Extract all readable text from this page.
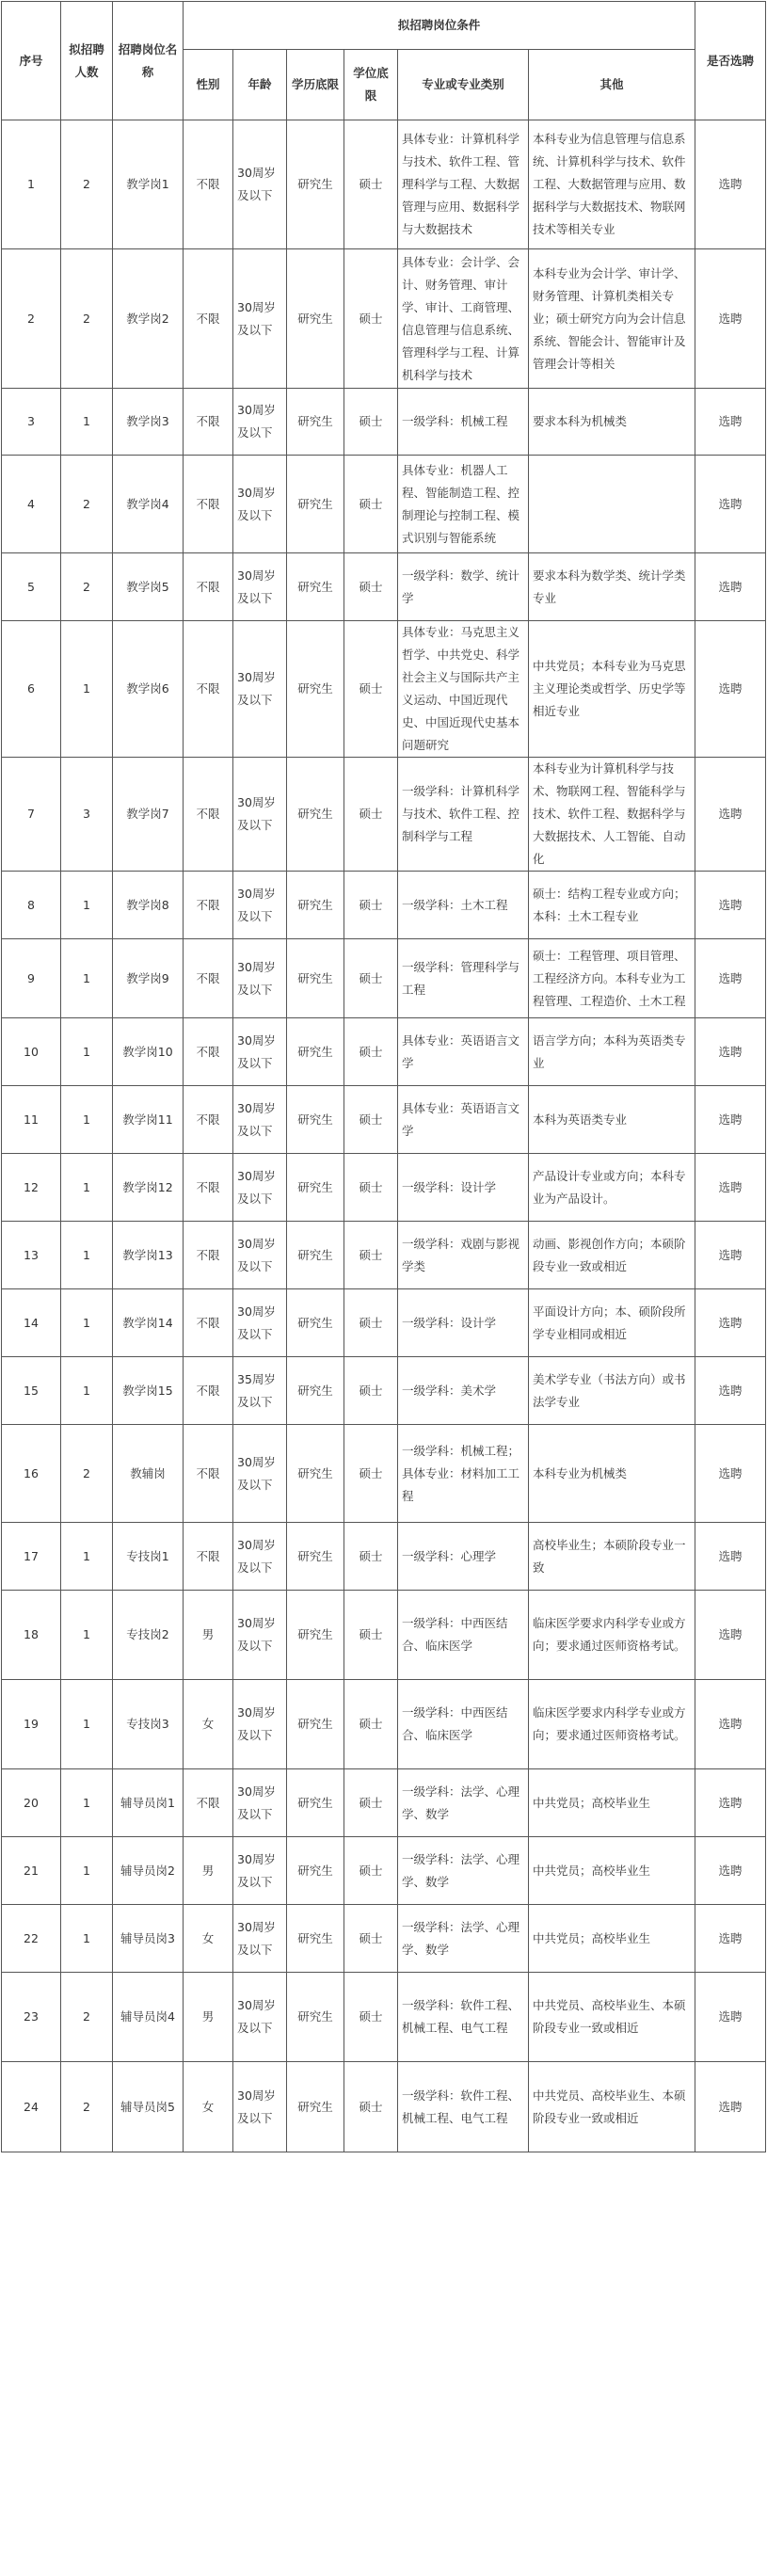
序号	拟招聘人数	招聘岗位名称	拟招聘岗位条件						是否选聘
			性别	年龄	学历底限	学位底限	专业或专业类别	其他	
1	2	教学岗1	不限	30周岁及以下	研究生	硕士	具体专业：计算机科学与技术、软件工程、管理科学与工程、大数据管理与应用、数据科学与大数据技术	本科专业为信息管理与信息系统、计算机科学与技术、软件工程、大数据管理与应用、数据科学与大数据技术、物联网技术等相关专业	选聘
2	2	教学岗2	不限	30周岁及以下	研究生	硕士	具体专业：会计学、会计、财务管理、审计学、审计、工商管理、信息管理与信息系统、管理科学与工程、计算机科学与技术	本科专业为会计学、审计学、财务管理、计算机类相关专业；硕士研究方向为会计信息系统、智能会计、智能审计及管理会计等相关	选聘
3	1	教学岗3	不限	30周岁及以下	研究生	硕士	一级学科：机械工程	要求本科为机械类	选聘
4	2	教学岗4	不限	30周岁及以下	研究生	硕士	具体专业：机器人工程、智能制造工程、控制理论与控制工程、模式识别与智能系统		选聘
5	2	教学岗5	不限	30周岁及以下	研究生	硕士	一级学科：数学、统计学	要求本科为数学类、统计学类专业	选聘
6	1	教学岗6	不限	30周岁及以下	研究生	硕士	具体专业：马克思主义哲学、中共党史、科学社会主义与国际共产主义运动、中国近现代史、中国近现代史基本问题研究	中共党员；本科专业为马克思主义理论类或哲学、历史学等相近专业	选聘
7	3	教学岗7	不限	30周岁及以下	研究生	硕士	一级学科：计算机科学与技术、软件工程、控制科学与工程	本科专业为计算机科学与技术、物联网工程、智能科学与技术、软件工程、数据科学与大数据技术、人工智能、自动化	选聘
8	1	教学岗8	不限	30周岁及以下	研究生	硕士	一级学科：土木工程	硕士：结构工程专业或方向；本科：土木工程专业	选聘
9	1	教学岗9	不限	30周岁及以下	研究生	硕士	一级学科：管理科学与工程	硕士：工程管理、项目管理、工程经济方向。本科专业为工程管理、工程造价、土木工程	选聘
10	1	教学岗10	不限	30周岁及以下	研究生	硕士	具体专业：英语语言文学	语言学方向；本科为英语类专业	选聘
11	1	教学岗11	不限	30周岁及以下	研究生	硕士	具体专业：英语语言文学	本科为英语类专业	选聘
12	1	教学岗12	不限	30周岁及以下	研究生	硕士	一级学科：设计学	产品设计专业或方向；本科专业为产品设计。	选聘
13	1	教学岗13	不限	30周岁及以下	研究生	硕士	一级学科：戏剧与影视学类	动画、影视创作方向；本硕阶段专业一致或相近	选聘
14	1	教学岗14	不限	30周岁及以下	研究生	硕士	一级学科：设计学	平面设计方向；本、硕阶段所学专业相同或相近	选聘
15	1	教学岗15	不限	35周岁及以下	研究生	硕士	一级学科：美术学	美术学专业（书法方向）或书法学专业	选聘
16	2	教辅岗	不限	30周岁及以下	研究生	硕士	一级学科：机械工程；具体专业：材料加工工程	本科专业为机械类	选聘
17	1	专技岗1	不限	30周岁及以下	研究生	硕士	一级学科：心理学	高校毕业生；本硕阶段专业一致	选聘
18	1	专技岗2	男	30周岁及以下	研究生	硕士	一级学科：中西医结合、临床医学	临床医学要求内科学专业或方向；要求通过医师资格考试。	选聘
19	1	专技岗3	女	30周岁及以下	研究生	硕士	一级学科：中西医结合、临床医学	临床医学要求内科学专业或方向；要求通过医师资格考试。	选聘
20	1	辅导员岗1	不限	30周岁及以下	研究生	硕士	一级学科：法学、心理学、数学	中共党员；高校毕业生	选聘
21	1	辅导员岗2	男	30周岁及以下	研究生	硕士	一级学科：法学、心理学、数学	中共党员；高校毕业生	选聘
22	1	辅导员岗3	女	30周岁及以下	研究生	硕士	一级学科：法学、心理学、数学	中共党员；高校毕业生	选聘
23	2	辅导员岗4	男	30周岁及以下	研究生	硕士	一级学科：软件工程、机械工程、电气工程	中共党员、高校毕业生、本硕阶段专业一致或相近	选聘
24	2	辅导员岗5	女	30周岁及以下	研究生	硕士	一级学科：软件工程、机械工程、电气工程	中共党员、高校毕业生、本硕阶段专业一致或相近	选聘
